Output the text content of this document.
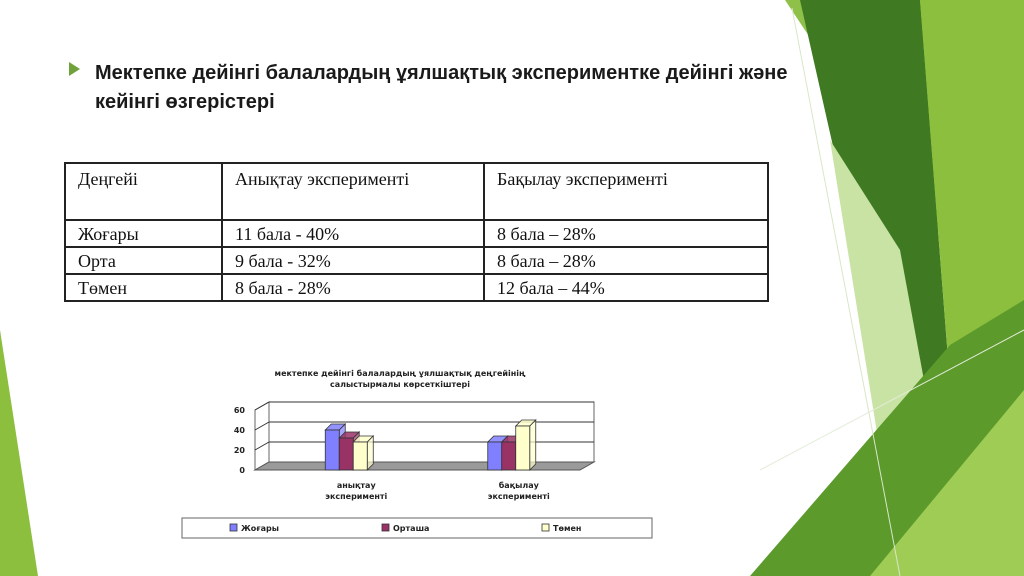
Мектепке дейінгі балалардың ұялшақтық экспериментке дейінгі және кейінгі өзгерістері
Деңгейі	Анықтау эксперименті	Бақылау эксперименті
Жоғары	11 бала - 40%	8 бала – 28%
Орта	9 бала - 32%	8 бала – 28%
Төмен	8 бала - 28%	12 бала – 44%
мектепке дейінгі балалардың ұялшақтық деңгейінің
салыстырмалы көрсеткіштері
0
20
40
60
анықтау
эксперименті
бақылау
эксперименті
Жоғары	Орташа	Төмен
